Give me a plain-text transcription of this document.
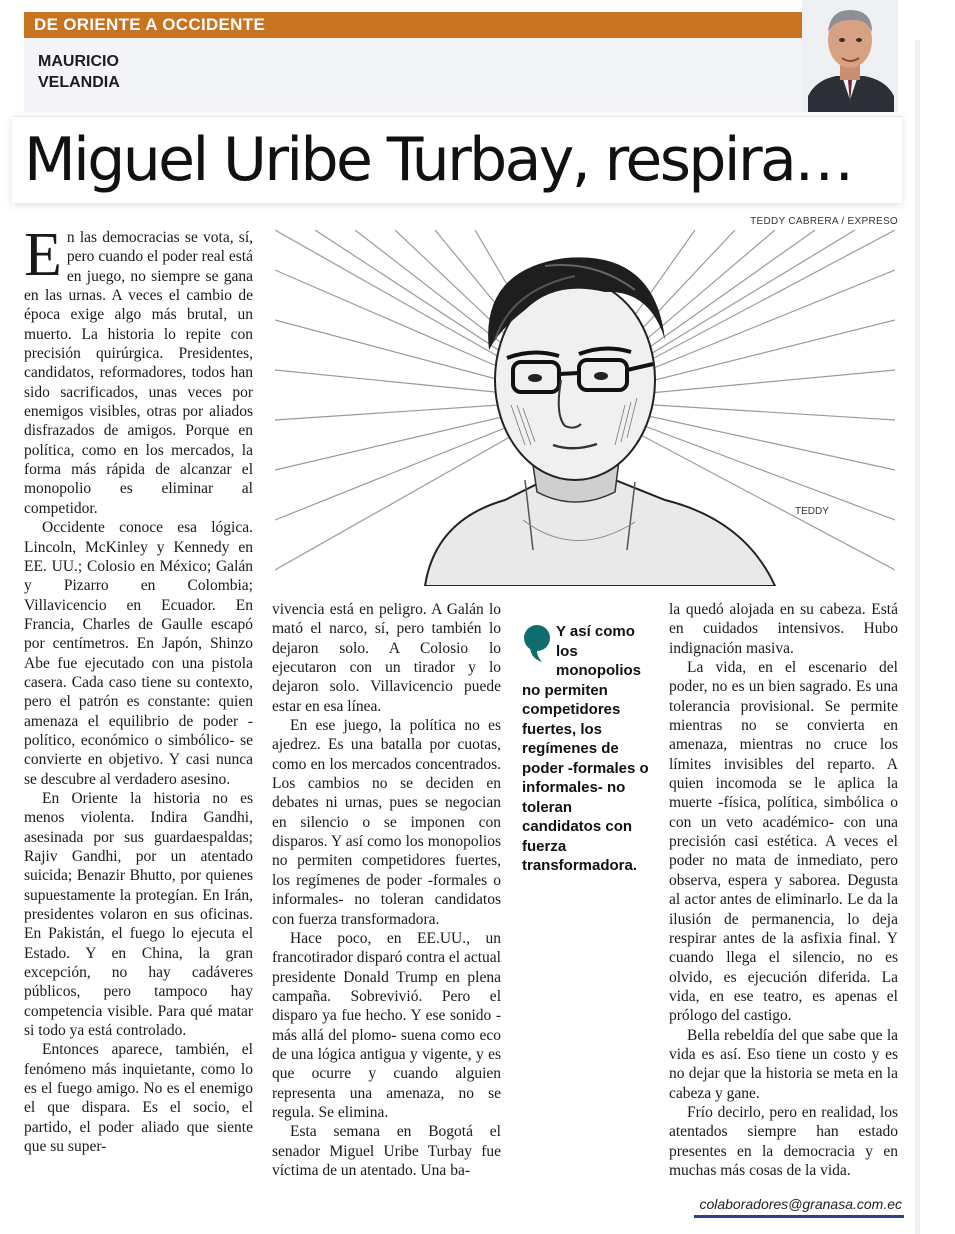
DE ORIENTE A OCCIDENTE
MAURICIO
VELANDIA
Miguel Uribe Turbay, respira…
TEDDY CABRERA / EXPRESO
TEDDY

En las democracias se vota, sí, pero cuando el poder real está en juego, no siempre se gana en las urnas. A veces el cambio de época exige algo más brutal, un muerto. La historia lo repite con precisión quirúrgica. Presidentes, candidatos, reformadores, todos han sido sacrificados, unas veces por enemigos visibles, otras por aliados disfrazados de amigos. Porque en política, como en los mercados, la forma más rápida de alcanzar el monopolio es eliminar al competidor.

Occidente conoce esa lógica. Lincoln, McKinley y Kennedy en EE. UU.; Colosio en México; Galán y Pizarro en Colombia; Villavicencio en Ecuador. En Francia, Charles de Gaulle escapó por centímetros. En Japón, Shinzo Abe fue ejecutado con una pistola casera. Cada caso tiene su contexto, pero el patrón es constante: quien amenaza el equilibrio de poder -político, económico o simbólico- se convierte en objetivo. Y casi nunca se descubre al verdadero asesino.

En Oriente la historia no es menos violenta. Indira Gandhi, asesinada por sus guardaespaldas; Rajiv Gandhi, por un atentado suicida; Benazir Bhutto, por quienes supuestamente la protegían. En Irán, presidentes volaron en sus oficinas. En Pakistán, el fuego lo ejecuta el Estado. Y en China, la gran excepción, no hay cadáveres públicos, pero tampoco hay competencia visible. Para qué matar si todo ya está controlado.

Entonces aparece, también, el fenómeno más inquietante, como lo es el fuego amigo. No es el enemigo el que dispara. Es el socio, el partido, el poder aliado que siente que su super-

vivencia está en peligro. A Galán lo mató el narco, sí, pero también lo dejaron solo. A Colosio lo ejecutaron con un tirador y lo dejaron solo. Villavicencio puede estar en esa línea.

En ese juego, la política no es ajedrez. Es una batalla por cuotas, como en los mercados concentrados. Los cambios no se deciden en debates ni urnas, pues se negocian en silencio o se imponen con disparos. Y así como los monopolios no permiten competidores fuertes, los regímenes de poder -formales o informales- no toleran candidatos con fuerza transformadora.

Hace poco, en EE.UU., un francotirador disparó contra el actual presidente Donald Trump en plena campaña. Sobrevivió. Pero el disparo ya fue hecho. Y ese sonido -más allá del plomo- suena como eco de una lógica antigua y vigente, y es que ocurre y cuando alguien representa una amenaza, no se regula. Se elimina.

Esta semana en Bogotá el senador Miguel Uribe Turbay fue víctima de un atentado. Una ba-

Y así como los monopolios no permiten competidores fuertes, los regímenes de poder -formales o informales- no toleran candidatos con fuerza transformadora.

la quedó alojada en su cabeza. Está en cuidados intensivos. Hubo indignación masiva.

La vida, en el escenario del poder, no es un bien sagrado. Es una tolerancia provisional. Se permite mientras no se convierta en amenaza, mientras no cruce los límites invisibles del reparto. A quien incomoda se le aplica la muerte -física, política, simbólica o con un veto académico- con una precisión casi estética. A veces el poder no mata de inmediato, pero observa, espera y saborea. Degusta al actor antes de eliminarlo. Le da la ilusión de permanencia, lo deja respirar antes de la asfixia final. Y cuando llega el silencio, no es olvido, es ejecución diferida. La vida, en ese teatro, es apenas el prólogo del castigo.

Bella rebeldía del que sabe que la vida es así. Eso tiene un costo y es no dejar que la historia se meta en la cabeza y gane.

Frío decirlo, pero en realidad, los atentados siempre han estado presentes en la democracia y en muchas más cosas de la vida.

colaboradores@granasa.com.ec
